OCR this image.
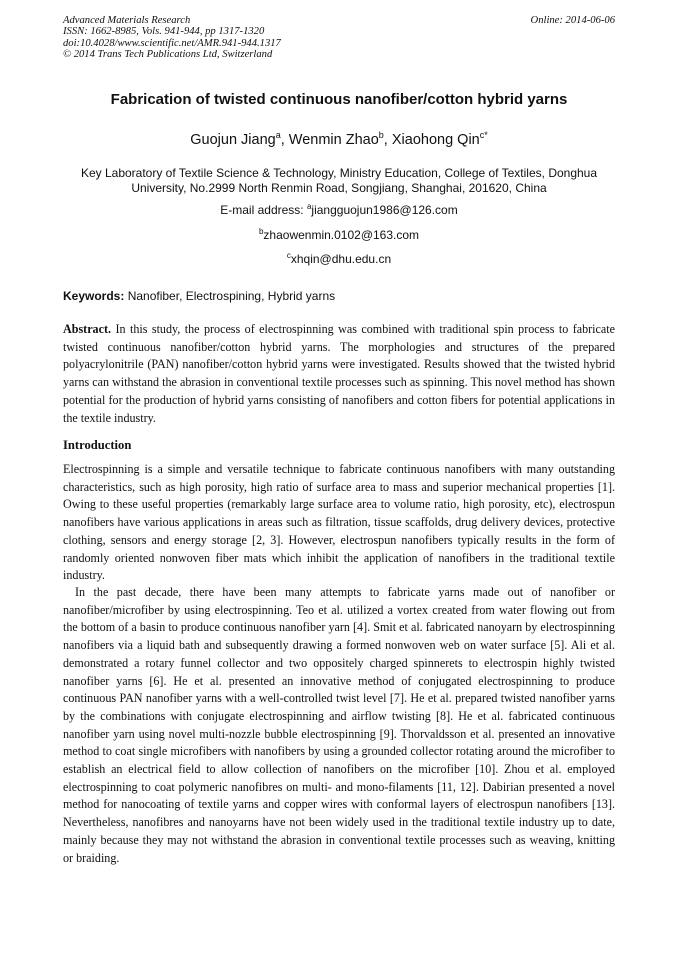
Advanced Materials Research
ISSN: 1662-8985, Vols. 941-944, pp 1317-1320
doi:10.4028/www.scientific.net/AMR.941-944.1317
© 2014 Trans Tech Publications Ltd, Switzerland
Online: 2014-06-06
Fabrication of twisted continuous nanofiber/cotton hybrid yarns
Guojun Jiang$^a$, Wenmin Zhao$^b$, Xiaohong Qin$^{c*}$
Key Laboratory of Textile Science & Technology, Ministry Education, College of Textiles, Donghua University, No.2999 North Renmin Road, Songjiang, Shanghai, 201620, China
E-mail address: $^a$jiangguojun1986@126.com
$^b$zhaowenmin.0102@163.com
$^c$xhqin@dhu.edu.cn
Keywords: Nanofiber, Electrospining, Hybrid yarns
Abstract. In this study, the process of electrospinning was combined with traditional spin process to fabricate twisted continuous nanofiber/cotton hybrid yarns. The morphologies and structures of the prepared polyacrylonitrile (PAN) nanofiber/cotton hybrid yarns were investigated. Results showed that the twisted hybrid yarns can withstand the abrasion in conventional textile processes such as spinning. This novel method has shown potential for the production of hybrid yarns consisting of nanofibers and cotton fibers for potential applications in the textile industry.
Introduction
Electrospinning is a simple and versatile technique to fabricate continuous nanofibers with many outstanding characteristics, such as high porosity, high ratio of surface area to mass and superior mechanical properties [1]. Owing to these useful properties (remarkably large surface area to volume ratio, high porosity, etc), electrospun nanofibers have various applications in areas such as filtration, tissue scaffolds, drug delivery devices, protective clothing, sensors and energy storage [2, 3]. However, electrospun nanofibers typically results in the form of randomly oriented nonwoven fiber mats which inhibit the application of nanofibers in the traditional textile industry.
In the past decade, there have been many attempts to fabricate yarns made out of nanofiber or nanofiber/microfiber by using electrospinning. Teo et al. utilized a vortex created from water flowing out from the bottom of a basin to produce continuous nanofiber yarn [4]. Smit et al. fabricated nanoyarn by electrospinning nanofibers via a liquid bath and subsequently drawing a formed nonwoven web on water surface [5]. Ali et al. demonstrated a rotary funnel collector and two oppositely charged spinnerets to electrospin highly twisted nanofiber yarns [6]. He et al. presented an innovative method of conjugated electrospinning to produce continuous PAN nanofiber yarns with a well-controlled twist level [7]. He et al. prepared twisted nanofiber yarns by the combinations with conjugate electrospinning and airflow twisting [8]. He et al. fabricated continuous nanofiber yarn using novel multi-nozzle bubble electrospinning [9]. Thorvaldsson et al. presented an innovative method to coat single microfibers with nanofibers by using a grounded collector rotating around the microfiber to establish an electrical field to allow collection of nanofibers on the microfiber [10]. Zhou et al. employed electrospinning to coat polymeric nanofibres on multi- and mono-filaments [11, 12]. Dabirian presented a novel method for nanocoating of textile yarns and copper wires with conformal layers of electrospun nanofibers [13]. Nevertheless, nanofibres and nanoyarns have not been widely used in the traditional textile industry up to date, mainly because they may not withstand the abrasion in conventional textile processes such as weaving, knitting or braiding.
